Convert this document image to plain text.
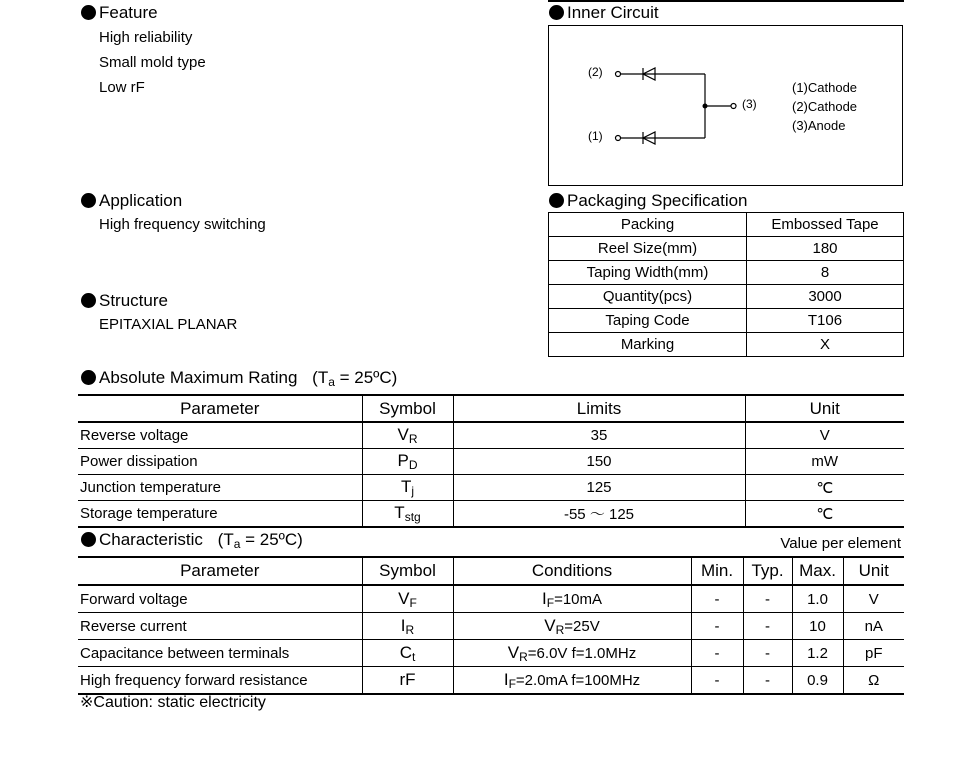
Feature
High reliability
Small mold type
Low rF
Inner Circuit
(2)
(1)
(3)
(1)Cathode
(2)Cathode
(3)Anode
Application
High frequency switching
Structure
EPITAXIAL PLANAR
Packaging Specification
Packing	Embossed Tape
Reel Size(mm)	180
Taping Width(mm)	8
Quantity(pcs)	3000
Taping Code	T106
Marking	X
Absolute Maximum Rating ($T_a$ = 25ºC)
Parameter	Symbol	Limits	Unit
Reverse voltage	$V_R$	35	V
Power dissipation	$P_D$	150	mW
Junction temperature	$T_j$	125	℃
Storage temperature	$T_{stg}$	-55 ～ 125	℃
Characteristic ($T_a$ = 25ºC)	Value per element
Parameter	Symbol	Conditions	Min.	Typ.	Max.	Unit
Forward voltage	$V_F$	$I_F=10mA$	-	-	1.0	V
Reverse current	$I_R$	$V_R=25V$	-	-	10	nA
Capacitance between terminals	$C_t$	$V_R=6.0V$ f=1.0MHz	-	-	1.2	pF
High frequency forward resistance	rF	$I_F=2.0mA$ f=100MHz	-	-	0.9	Ω
※Caution: static electricity
